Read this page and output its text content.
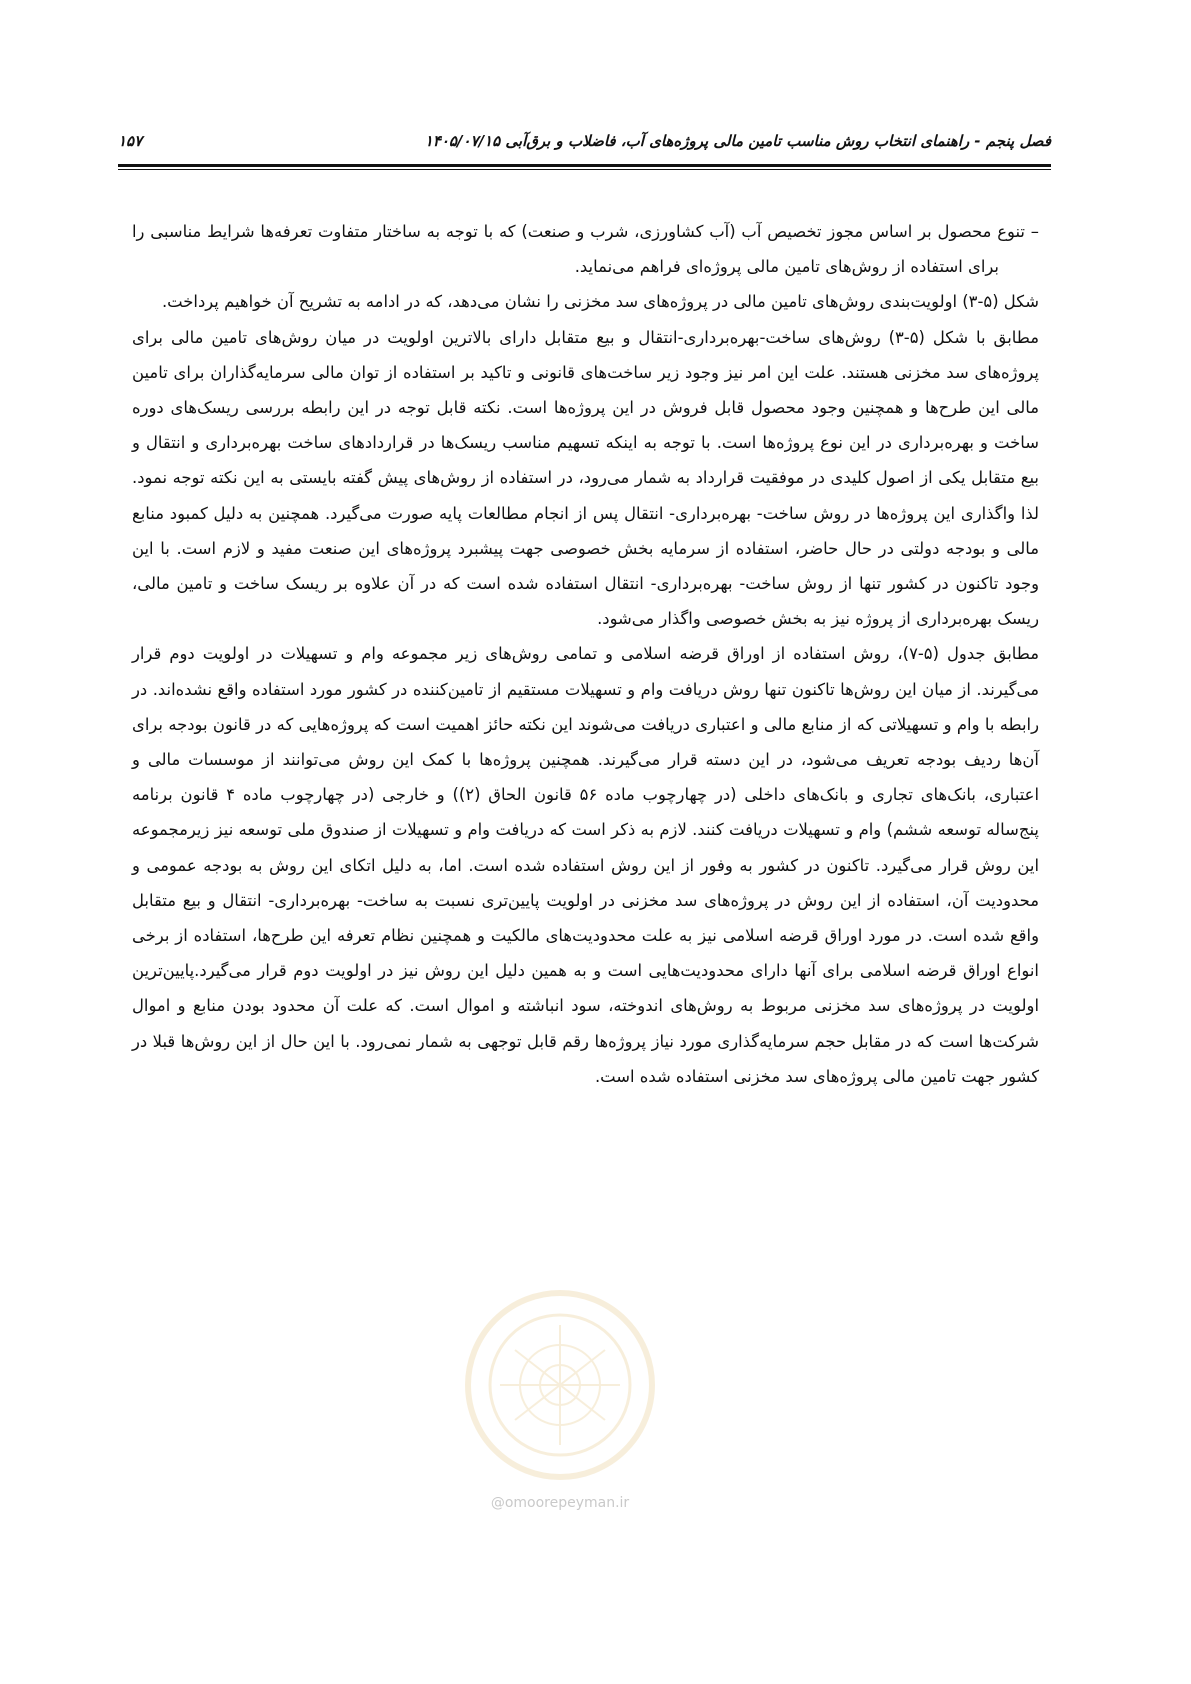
فصل پنجم - راهنمای انتخاب روش مناسب تامین مالی پروژه‌های آب، فاضلاب و برق‌آبی ۱۴۰۵/۰۷/۱۵
۱۵۷

– تنوع محصول بر اساس مجوز تخصیص آب (آب کشاورزی، شرب و صنعت) که با توجه به ساختار متفاوت تعرفه‌ها شرایط مناسبی را برای استفاده از روش‌های تامین مالی پروژه‌ای فراهم می‌نماید.

شکل (۵-۳) اولویت‌بندی روش‌های تامین مالی در پروژه‌های سد مخزنی را نشان می‌دهد، که در ادامه به تشریح آن خواهیم پرداخت.

مطابق با شکل (۵-۳) روش‌های ساخت-بهره‌برداری-انتقال و بیع متقابل دارای بالاترین اولویت در میان روش‌های تامین مالی برای پروژه‌های سد مخزنی هستند. علت این امر نیز وجود زیر ساخت‌های قانونی و تاکید بر استفاده از توان مالی سرمایه‌گذاران برای تامین مالی این طرح‌ها و همچنین وجود محصول قابل فروش در این پروژه‌ها است. نکته قابل توجه در این رابطه بررسی ریسک‌های دوره ساخت و بهره‌برداری در این نوع پروژه‌ها است. با توجه به اینکه تسهیم مناسب ریسک‌ها در قراردادهای ساخت بهره‌برداری و انتقال و بیع متقابل یکی از اصول کلیدی در موفقیت قرارداد به شمار می‌رود، در استفاده از روش‌های پیش گفته بایستی به این نکته توجه نمود. لذا واگذاری این پروژه‌ها در روش ساخت- بهره‌برداری- انتقال پس از انجام مطالعات پایه صورت می‌گیرد. همچنین به دلیل کمبود منابع مالی و بودجه دولتی در حال حاضر، استفاده از سرمایه بخش خصوصی جهت پیشبرد پروژه‌های این صنعت مفید و لازم است. با این وجود تاکنون در کشور تنها از روش ساخت- بهره‌برداری- انتقال استفاده شده است که در آن علاوه بر ریسک ساخت و تامین مالی، ریسک بهره‌برداری از پروژه نیز به بخش خصوصی واگذار می‌شود.

مطابق جدول (۵-۷)، روش استفاده از اوراق قرضه اسلامی و تمامی روش‌های زیر مجموعه وام و تسهیلات در اولویت دوم قرار می‌گیرند. از میان این روش‌ها تاکنون تنها روش دریافت وام و تسهیلات مستقیم از تامین‌کننده در کشور مورد استفاده واقع نشده‌اند. در رابطه با وام و تسهیلاتی که از منابع مالی و اعتباری دریافت می‌شوند این نکته حائز اهمیت است که پروژه‌هایی که در قانون بودجه برای آن‌ها ردیف بودجه تعریف می‌شود، در این دسته قرار می‌گیرند. همچنین پروژه‌ها با کمک این روش می‌توانند از موسسات مالی و اعتباری، بانک‌های تجاری و بانک‌های داخلی (در چهارچوب ماده ۵۶ قانون الحاق (۲)) و خارجی (در چهارچوب ماده ۴ قانون برنامه پنج‌ساله توسعه ششم) وام و تسهیلات دریافت کنند. لازم به ذکر است که دریافت وام و تسهیلات از صندوق ملی توسعه نیز زیرمجموعه این روش قرار می‌گیرد. تاکنون در کشور به وفور از این روش استفاده شده است. اما، به دلیل اتکای این روش به بودجه عمومی و محدودیت آن، استفاده از این روش در پروژه‌های سد مخزنی در اولویت پایین‌تری نسبت به ساخت- بهره‌برداری- انتقال و بیع متقابل واقع شده است. در مورد اوراق قرضه اسلامی نیز به علت محدودیت‌های مالکیت و همچنین نظام تعرفه این طرح‌ها، استفاده از برخی انواع اوراق قرضه اسلامی برای آنها دارای محدودیت‌هایی است و به همین دلیل این روش نیز در اولویت دوم قرار می‌گیرد.پایین‌ترین اولویت در پروژه‌های سد مخزنی مربوط به روش‌های اندوخته، سود انباشته و اموال است. که علت آن محدود بودن منابع و اموال شرکت‌ها است که در مقابل حجم سرمایه‌گذاری مورد نیاز پروژه‌ها رقم قابل توجهی به شمار نمی‌رود. با این حال از این روش‌ها قبلا در کشور جهت تامین مالی پروژه‌های سد مخزنی استفاده شده است.

@omoorepeyman.ir
